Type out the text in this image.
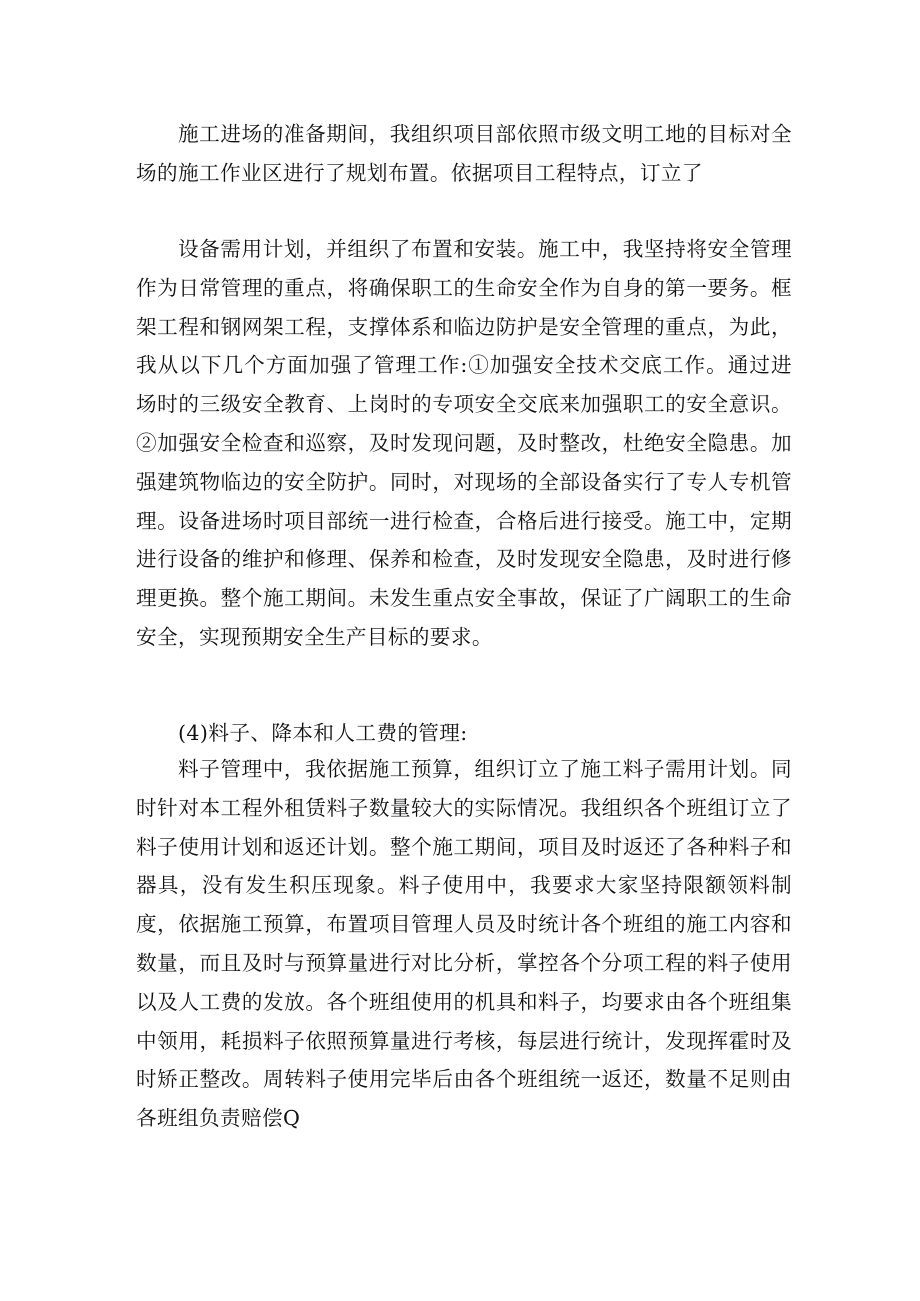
施工进场的准备期间，我组织项目部依照市级文明工地的目标对全场的施工作业区进行了规划布置。依据项目工程特点，订立了

设备需用计划，并组织了布置和安装。施工中，我坚持将安全管理作为日常管理的重点，将确保职工的生命安全作为自身的第一要务。框架工程和钢网架工程，支撑体系和临边防护是安全管理的重点，为此，我从以下几个方面加强了管理工作:①加强安全技术交底工作。通过进场时的三级安全教育、上岗时的专项安全交底来加强职工的安全意识。②加强安全检查和巡察，及时发现问题，及时整改，杜绝安全隐患。加强建筑物临边的安全防护。同时，对现场的全部设备实行了专人专机管理。设备进场时项目部统一进行检查，合格后进行接受。施工中，定期进行设备的维护和修理、保养和检查，及时发现安全隐患，及时进行修理更换。整个施工期间。未发生重点安全事故，保证了广阔职工的生命安全，实现预期安全生产目标的要求。

(4)料子、降本和人工费的管理:

料子管理中，我依据施工预算，组织订立了施工料子需用计划。同时针对本工程外租赁料子数量较大的实际情况。我组织各个班组订立了料子使用计划和返还计划。整个施工期间，项目及时返还了各种料子和器具，没有发生积压现象。料子使用中，我要求大家坚持限额领料制度，依据施工预算，布置项目管理人员及时统计各个班组的施工内容和数量，而且及时与预算量进行对比分析，掌控各个分项工程的料子使用以及人工费的发放。各个班组使用的机具和料子，均要求由各个班组集中领用，耗损料子依照预算量进行考核，每层进行统计，发现挥霍时及时矫正整改。周转料子使用完毕后由各个班组统一返还，数量不足则由各班组负责赔偿Q
